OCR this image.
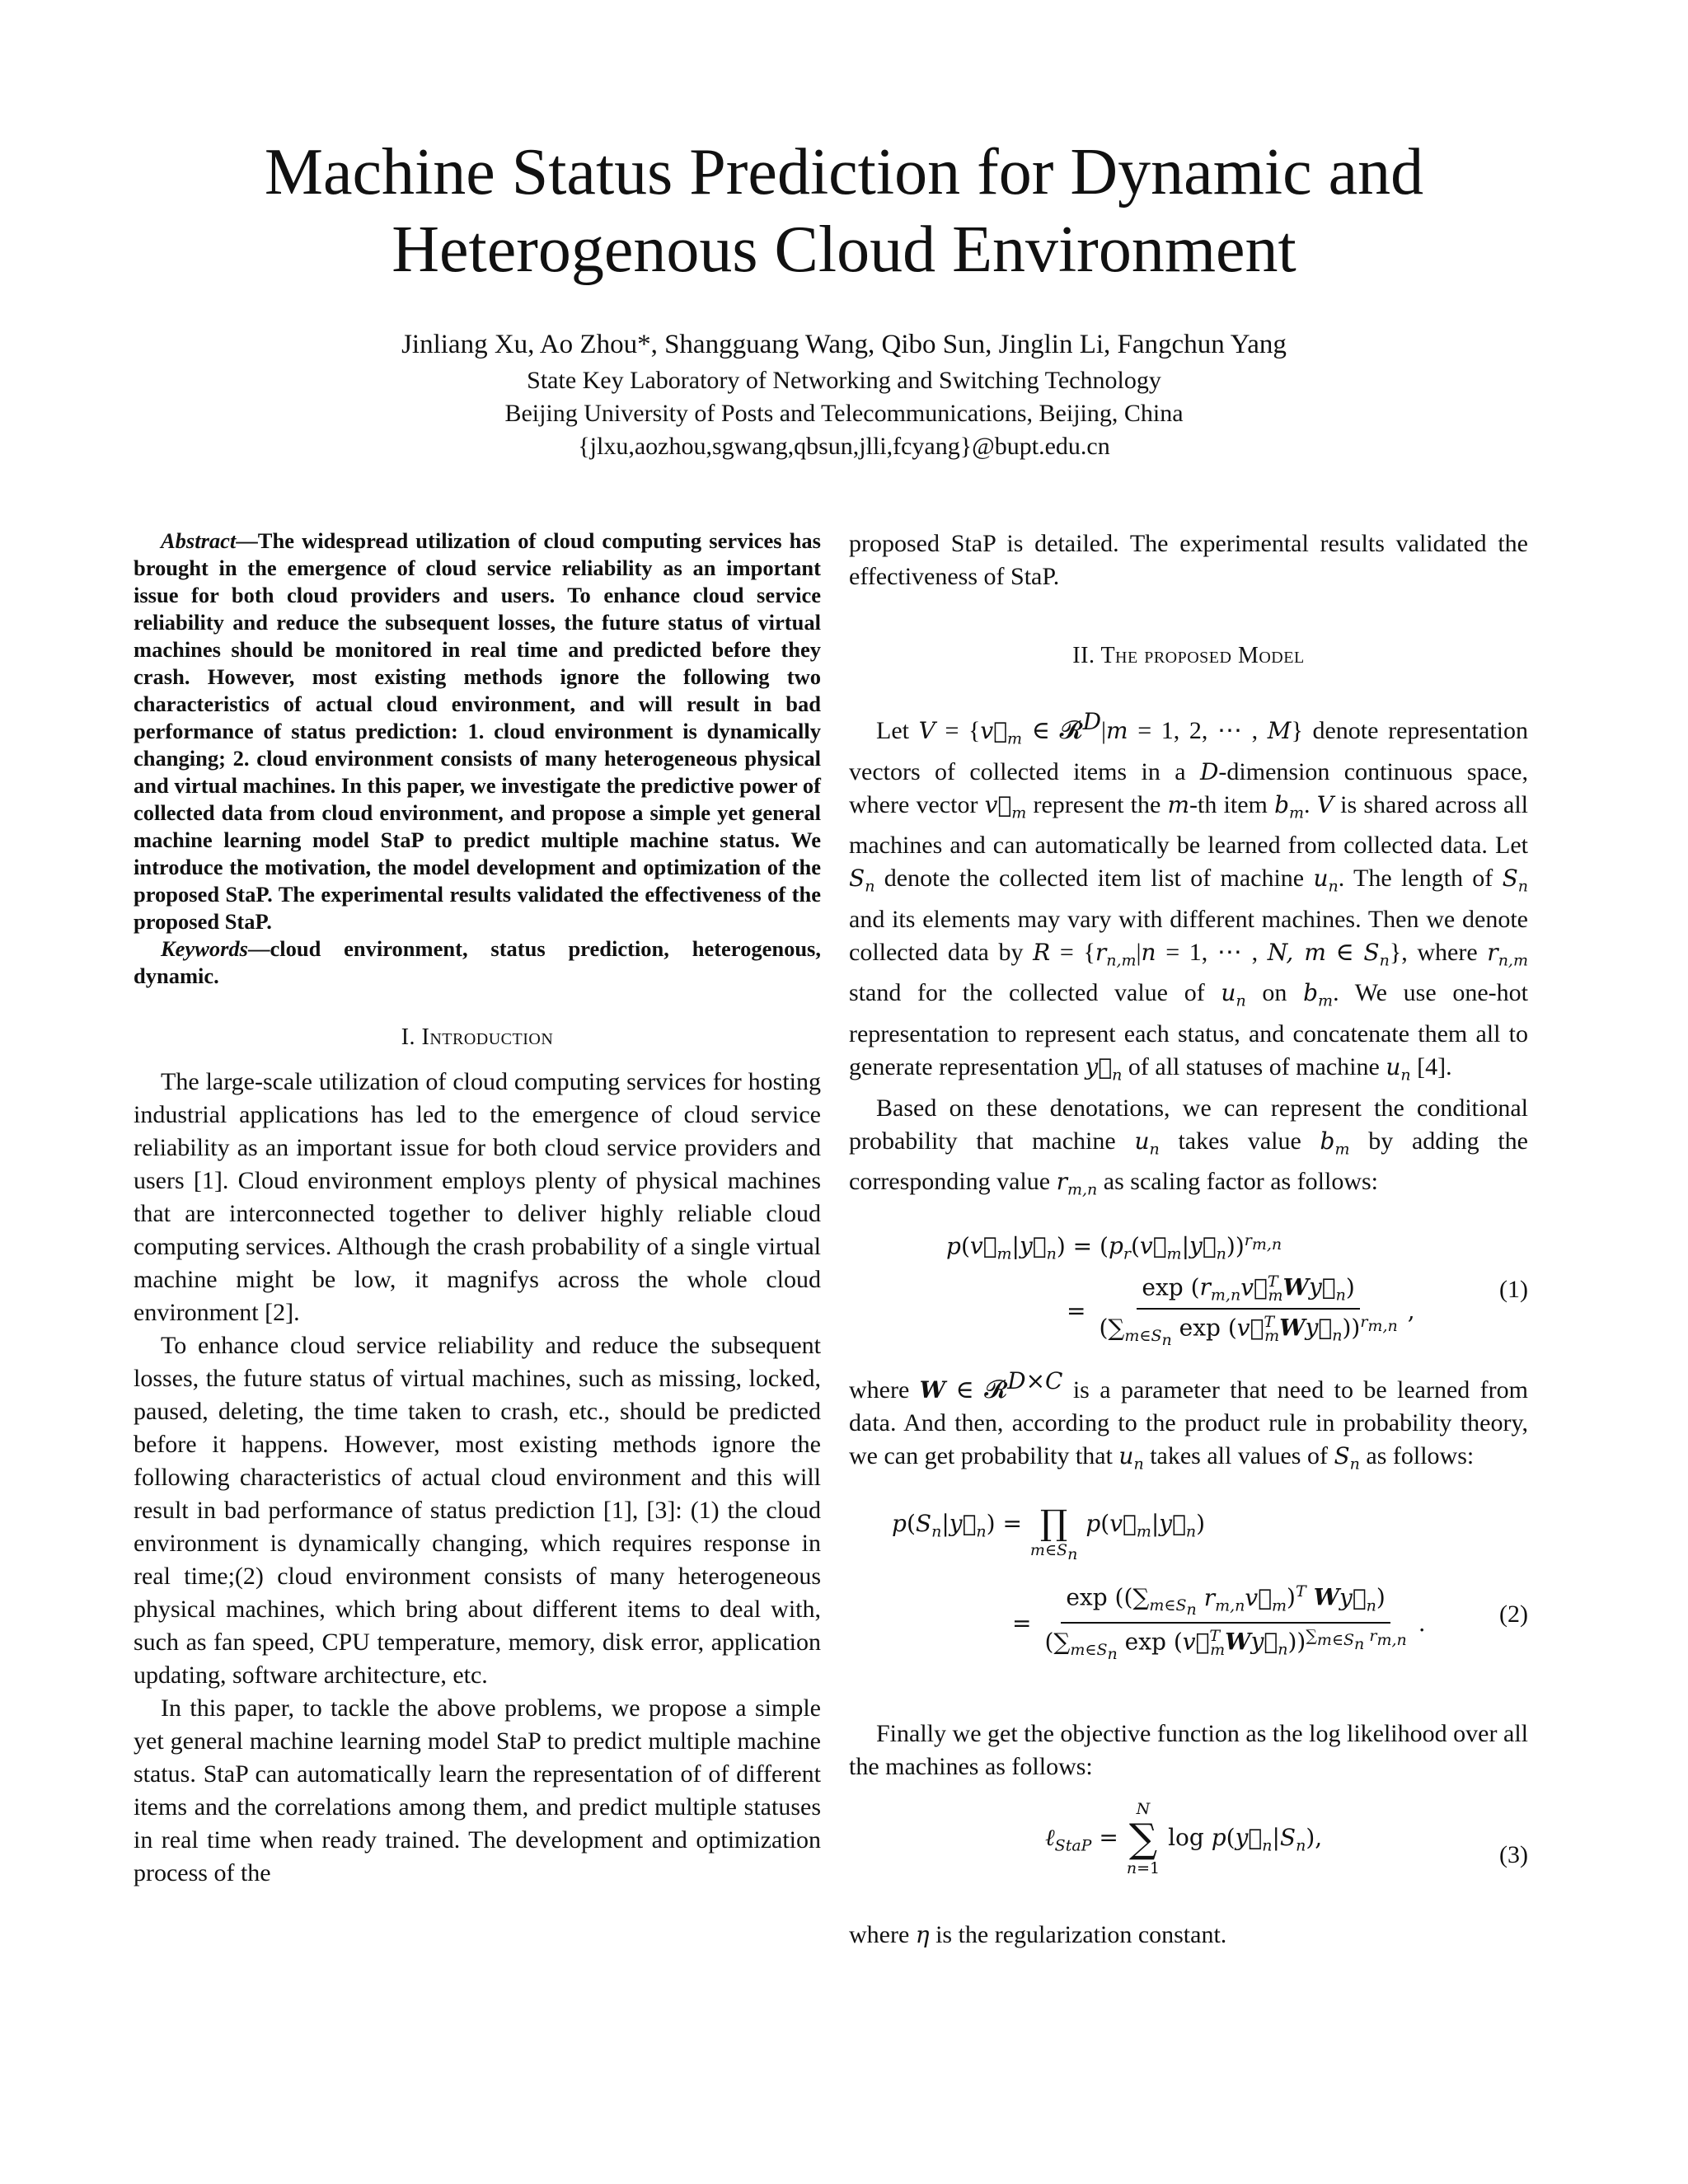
Machine Status Prediction for Dynamic and
Heterogenous Cloud Environment
Jinliang Xu, Ao Zhou*, Shangguang Wang, Qibo Sun, Jinglin Li, Fangchun Yang
State Key Laboratory of Networking and Switching Technology
Beijing University of Posts and Telecommunications, Beijing, China
{jlxu,aozhou,sgwang,qbsun,jlli,fcyang}@bupt.edu.cn

Abstract—The widespread utilization of cloud computing services has brought in the emergence of cloud service reliability as an important issue for both cloud providers and users. To enhance cloud service reliability and reduce the subsequent losses, the future status of virtual machines should be monitored in real time and predicted before they crash. However, most existing methods ignore the following two characteristics of actual cloud environment, and will result in bad performance of status prediction: 1. cloud environment is dynamically changing; 2. cloud environment consists of many heterogeneous physical and virtual machines. In this paper, we investigate the predictive power of collected data from cloud environment, and propose a simple yet general machine learning model StaP to predict multiple machine status. We introduce the motivation, the model development and optimization of the proposed StaP. The experimental results validated the effectiveness of the proposed StaP.

Keywords—cloud environment, status prediction, heterogenous, dynamic.

I. Introduction

The large-scale utilization of cloud computing services for hosting industrial applications has led to the emergence of cloud service reliability as an important issue for both cloud service providers and users [1]. Cloud environment employs plenty of physical machines that are interconnected together to deliver highly reliable cloud computing services. Although the crash probability of a single virtual machine might be low, it magnifys across the whole cloud environment [2].

To enhance cloud service reliability and reduce the subsequent losses, the future status of virtual machines, such as missing, locked, paused, deleting, the time taken to crash, etc., should be predicted before it happens. However, most existing methods ignore the following characteristics of actual cloud environment and this will result in bad performance of status prediction [1], [3]: (1) the cloud environment is dynamically changing, which requires response in real time;(2) cloud environment consists of many heterogeneous physical machines, which bring about different items to deal with, such as fan speed, CPU temperature, memory, disk error, application updating, software architecture, etc.

In this paper, to tackle the above problems, we propose a simple yet general machine learning model StaP to predict multiple machine status. StaP can automatically learn the representation of of different items and the correlations among them, and predict multiple statuses in real time when ready trained. The development and optimization process of the

proposed StaP is detailed. The experimental results validated the effectiveness of StaP.

II. The proposed Model

Let $V = \{v⃗_m$ ∈ 𝓡$^D$|m = 1, 2, ⋯ , M} denote representation vectors of collected items in a D-dimension continuous space, where vector $v⃗_m$ represent the m-th item $b_m$. V is shared across all machines and can automatically be learned from collected data. Let $S_n$ denote the collected item list of machine $u_n$. The length of $S_n$ and its elements may vary with different machines. Then we denote collected data by $R = \{r_{n,m}|n = 1$, ⋯ , N, m ∈ $S_n$}, where $r_{n,m}$ stand for the collected value of $u_n$ on $b_m$. We use one-hot representation to represent each status, and concatenate them all to generate representation $y⃗_n$ of all statuses of machine $u_n$ [4].

Based on these denotations, we can represent the conditional probability that machine $u_n$ takes value $b_m$ by adding the corresponding value $r_{m,n}$ as scaling factor as follows:

$p(v⃗_m|y⃗_n)$ = $(p_r(v⃗_m|y⃗_n))^{r_{m,n}}$
= $\frac{\exp (r_{m,n}v⃗^T_mWy⃗_n)}{(\sum_{m\in S_n} \exp (v⃗^T_mWy⃗_n))^{r_{m,n}}}$ ,
(1)

where W ∈ 𝓡$^{D\times C}$ is a parameter that need to be learned from data. And then, according to the product rule in probability theory, we can get probability that $u_n$ takes all values of $S_n$ as follows:

$p(S_n|y⃗_n)$ = ∏
$m\in S_n$
$p(v⃗_m|y⃗_n)$
= $\frac{\exp ((\sum_{m\in S_n} r_{m,n}v⃗_m)^T Wy⃗_n)}{(\sum_{m\in S_n} \exp (v⃗^T_mWy⃗_n))^{\sum_{m\in S_n} r_{m,n}}}$ .	(2)

Finally we get the objective function as the log likelihood over all the machines as follows:

ℓ$_{StaP}$ =
N
∑
n=1
$\log p(y⃗_n|S_n)$,
(3)

where η is the regularization constant.
